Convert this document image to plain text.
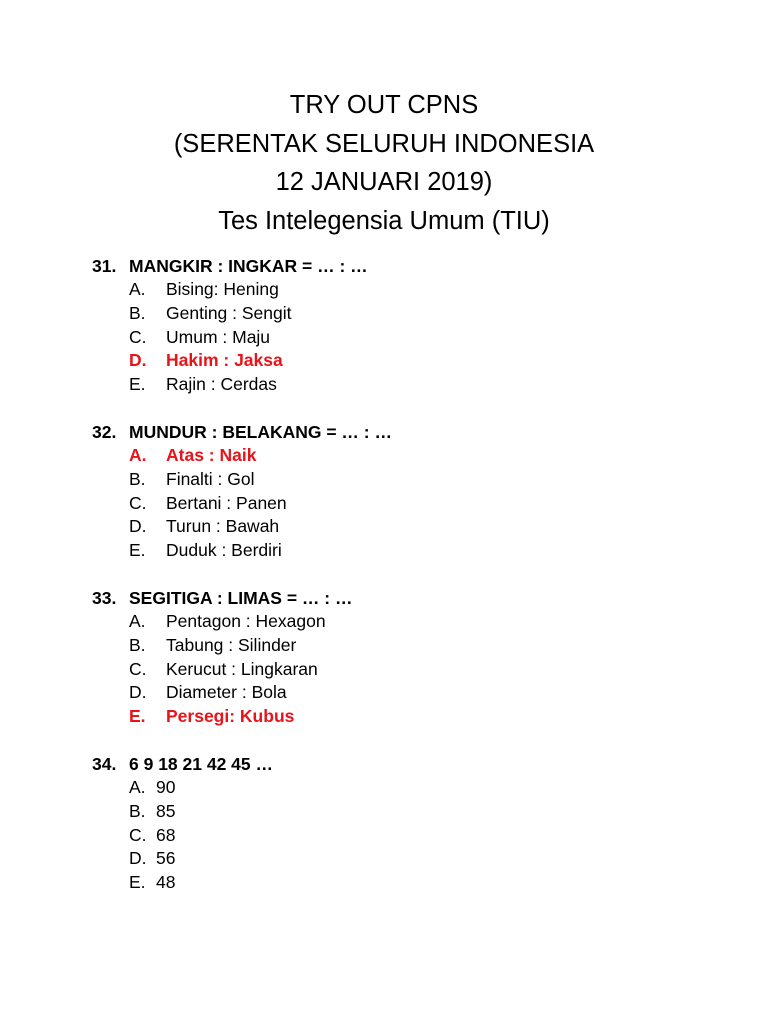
TRY OUT CPNS
(SERENTAK SELURUH INDONESIA
12 JANUARI 2019)
Tes Intelegensia Umum (TIU)
31. MANGKIR : INGKAR = … : …
A.	Bising: Hening
B.	Genting : Sengit
C.	Umum : Maju
D.	Hakim : Jaksa
E.	Rajin : Cerdas
32. MUNDUR : BELAKANG = … : …
A.	Atas : Naik
B.	Finalti : Gol
C.	Bertani : Panen
D.	Turun : Bawah
E.	Duduk : Berdiri
33. SEGITIGA : LIMAS = … : …
A.	Pentagon : Hexagon
B.	Tabung : Silinder
C.	Kerucut : Lingkaran
D.	Diameter : Bola
E.	Persegi: Kubus
34. 6 9 18 21 42 45 …
A. 90
B. 85
C. 68
D. 56
E. 48
